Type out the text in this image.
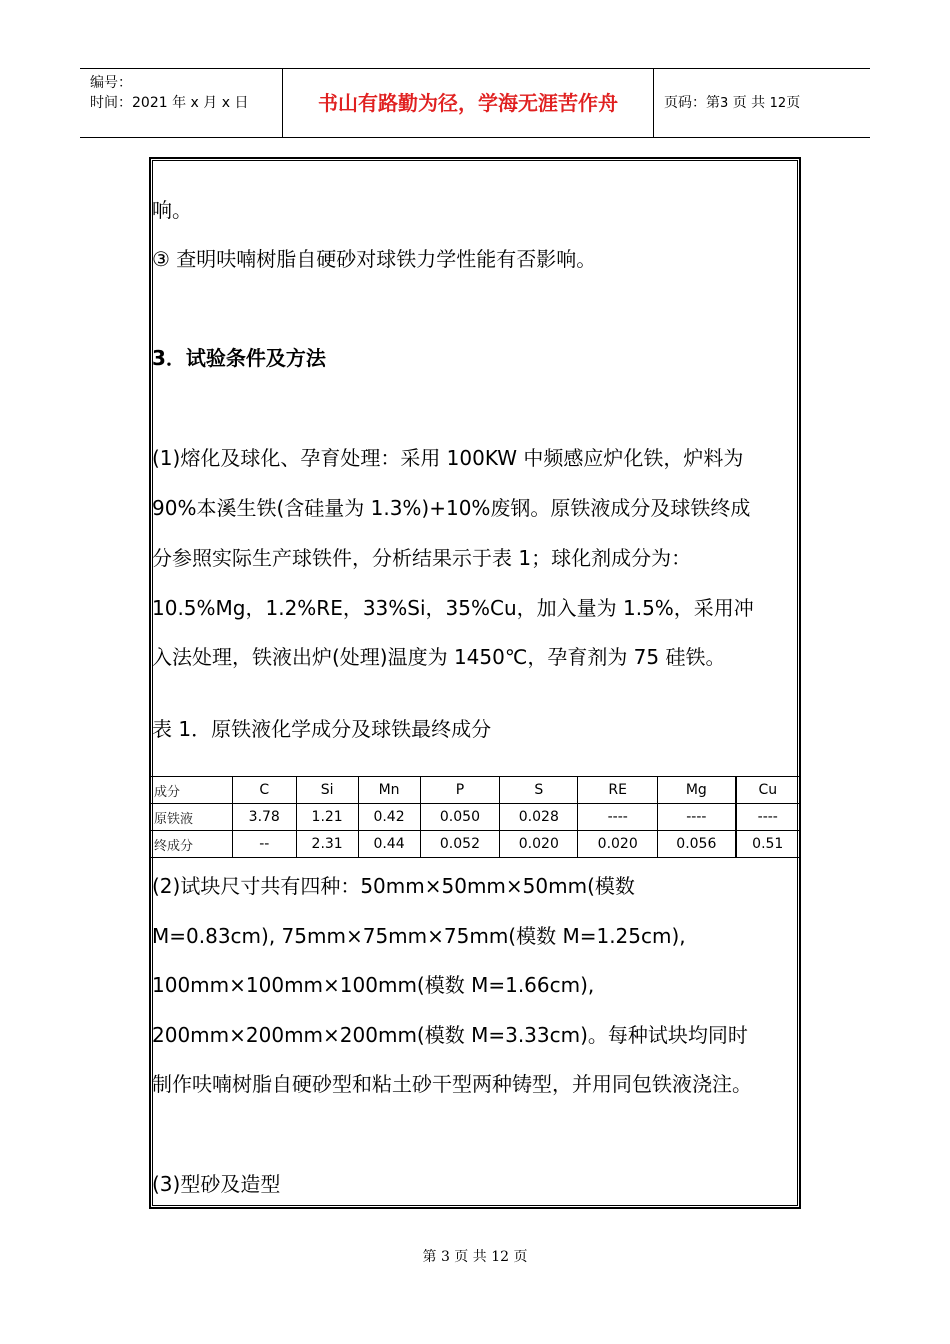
编号：
时间：2021 年 x 月 x 日	书山有路勤为径，学海无涯苦作舟	页码：第3 页 共 12页
响。
③ 查明呋喃树脂自硬砂对球铁力学性能有否影响。
3．试验条件及方法
(1)熔化及球化、孕育处理：采用 100KW 中频感应炉化铁，炉料为
90%本溪生铁(含硅量为 1.3%)+10%废钢。原铁液成分及球铁终成
分参照实际生产球铁件，分析结果示于表 1；球化剂成分为：
10.5%Mg，1.2%RE，33%Si，35%Cu，加入量为 1.5%，采用冲
入法处理，铁液出炉(处理)温度为 1450℃，孕育剂为 75 硅铁。
表 1．原铁液化学成分及球铁最终成分
(2)试块尺寸共有四种：50mm×50mm×50mm(模数
M=0.83cm), 75mm×75mm×75mm(模数 M=1.25cm),
100mm×100mm×100mm(模数 M=1.66cm),
200mm×200mm×200mm(模数 M=3.33cm)。每种试块均同时
制作呋喃树脂自硬砂型和粘土砂干型两种铸型，并用同包铁液浇注。
(3)型砂及造型
成分	C	Si	Mn	P	S	RE	Mg	Cu
原铁液	3.78	1.21	0.42	0.050	0.028	----	----	----
终成分	--	2.31	0.44	0.052	0.020	0.020	0.056	0.51
第 3 页 共 12 页
